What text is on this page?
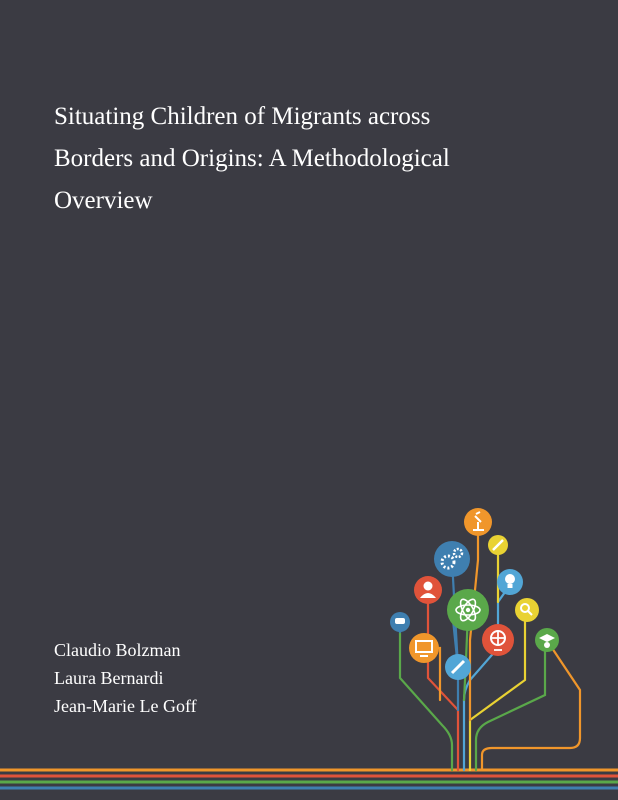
Situating Children of Migrants across
Borders and Origins: A Methodological
Overview
Claudio Bolzman
Laura Bernardi
Jean-Marie Le Goff
